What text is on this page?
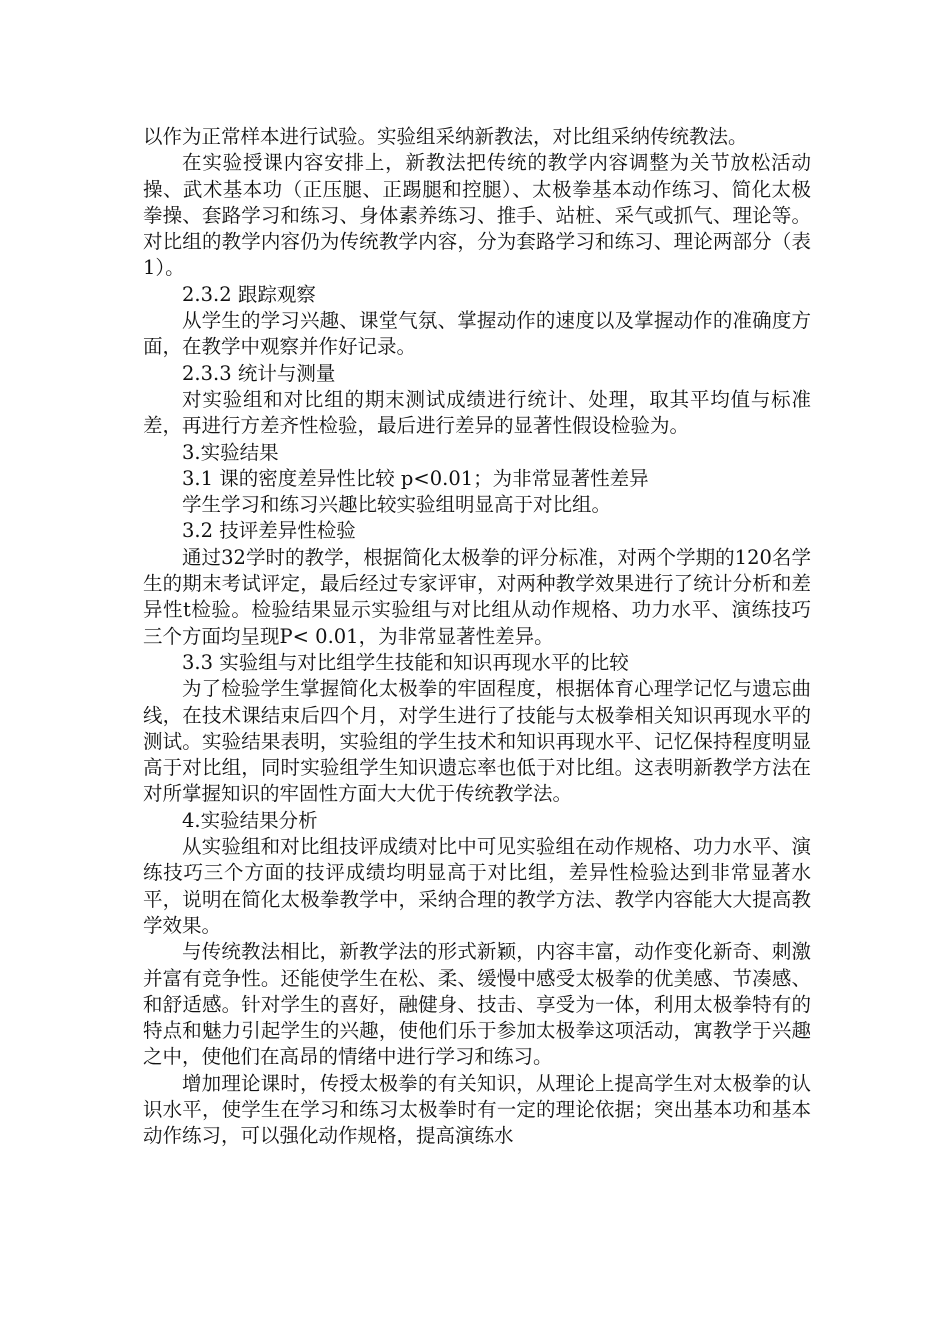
以作为正常样本进行试验。实验组采纳新教法，对比组采纳传统教法。

在实验授课内容安排上，新教法把传统的教学内容调整为关节放松活动操、武术基本功（正压腿、正踢腿和控腿）、太极拳基本动作练习、简化太极拳操、套路学习和练习、身体素养练习、推手、站桩、采气或抓气、理论等。对比组的教学内容仍为传统教学内容，分为套路学习和练习、理论两部分（表1）。

2.3.2 跟踪观察

从学生的学习兴趣、课堂气氛、掌握动作的速度以及掌握动作的准确度方面，在教学中观察并作好记录。

2.3.3 统计与测量

对实验组和对比组的期末测试成绩进行统计、处理，取其平均值与标准差，再进行方差齐性检验，最后进行差异的显著性假设检验为。

3.实验结果

3.1 课的密度差异性比较 p<0.01；为非常显著性差异

学生学习和练习兴趣比较实验组明显高于对比组。

3.2 技评差异性检验

通过32学时的教学，根据简化太极拳的评分标准，对两个学期的120名学生的期末考试评定，最后经过专家评审，对两种教学效果进行了统计分析和差异性t检验。检验结果显示实验组与对比组从动作规格、功力水平、演练技巧三个方面均呈现P< 0.01，为非常显著性差异。

3.3 实验组与对比组学生技能和知识再现水平的比较

为了检验学生掌握简化太极拳的牢固程度，根据体育心理学记忆与遗忘曲线，在技术课结束后四个月，对学生进行了技能与太极拳相关知识再现水平的测试。实验结果表明，实验组的学生技术和知识再现水平、记忆保持程度明显高于对比组，同时实验组学生知识遗忘率也低于对比组。这表明新教学方法在对所掌握知识的牢固性方面大大优于传统教学法。

4.实验结果分析

从实验组和对比组技评成绩对比中可见实验组在动作规格、功力水平、演练技巧三个方面的技评成绩均明显高于对比组，差异性检验达到非常显著水平，说明在简化太极拳教学中，采纳合理的教学方法、教学内容能大大提高教学效果。

与传统教法相比，新教学法的形式新颖，内容丰富，动作变化新奇、刺激并富有竞争性。还能使学生在松、柔、缓慢中感受太极拳的优美感、节凑感、和舒适感。针对学生的喜好，融健身、技击、享受为一体，利用太极拳特有的特点和魅力引起学生的兴趣，使他们乐于参加太极拳这项活动，寓教学于兴趣之中，使他们在高昂的情绪中进行学习和练习。

增加理论课时，传授太极拳的有关知识，从理论上提高学生对太极拳的认识水平，使学生在学习和练习太极拳时有一定的理论依据；突出基本功和基本动作练习，可以强化动作规格，提高演练水
